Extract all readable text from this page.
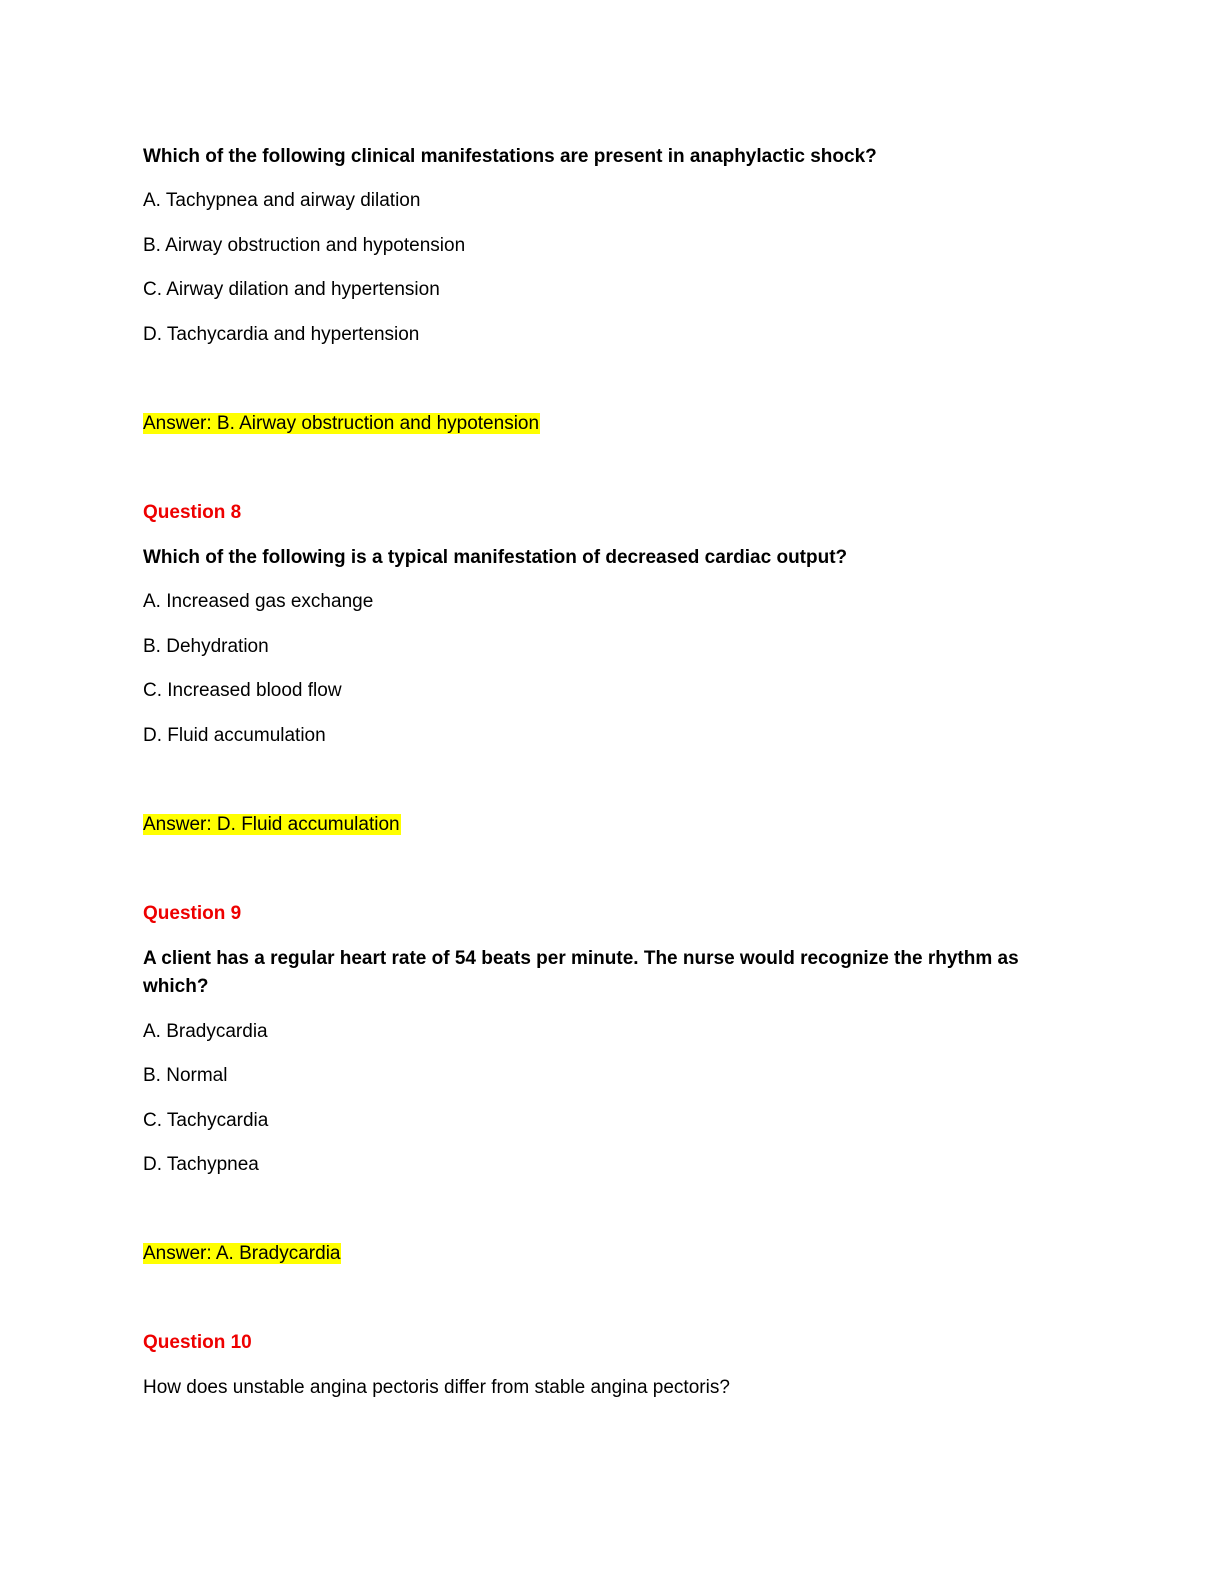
Which of the following clinical manifestations are present in anaphylactic shock?
A. Tachypnea and airway dilation
B. Airway obstruction and hypotension
C. Airway dilation and hypertension
D. Tachycardia and hypertension
Answer: B. Airway obstruction and hypotension
Question 8
Which of the following is a typical manifestation of decreased cardiac output?
A. Increased gas exchange
B. Dehydration
C. Increased blood flow
D. Fluid accumulation
Answer: D. Fluid accumulation
Question 9
A client has a regular heart rate of 54 beats per minute. The nurse would recognize the rhythm as
which?
A. Bradycardia
B. Normal
C. Tachycardia
D. Tachypnea
Answer: A. Bradycardia
Question 10
How does unstable angina pectoris differ from stable angina pectoris?
